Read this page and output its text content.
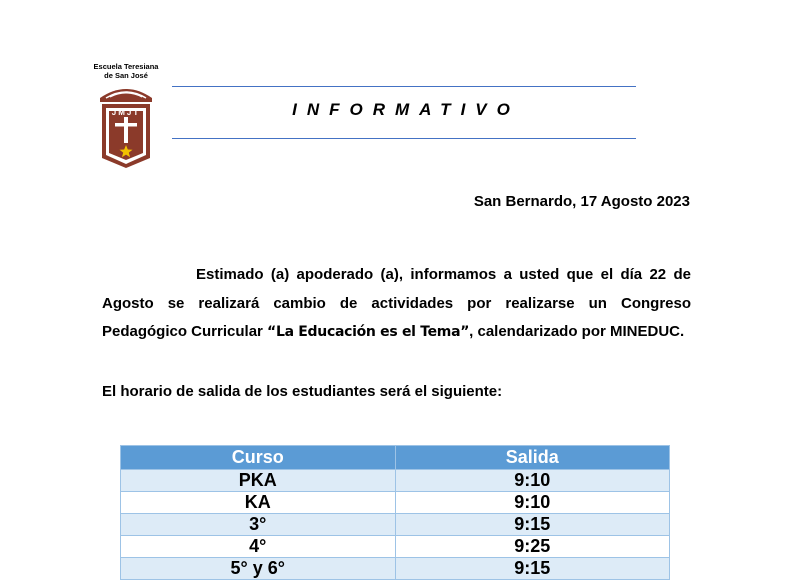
Escuela Teresiana
de San José
JMJT	INFORMATIVO
San Bernardo, 17 Agosto 2023
Estimado (a) apoderado (a), informamos a usted que el día 22 de Agosto se realizará cambio de actividades por realizarse un Congreso Pedagógico Curricular “La Educación es el Tema”, calendarizado por MINEDUC.
El horario de salida de los estudiantes será el siguiente:
Curso	Salida
PKA	9:10
KA	9:10
3°	9:15
4°	9:25
5° y 6°	9:15
